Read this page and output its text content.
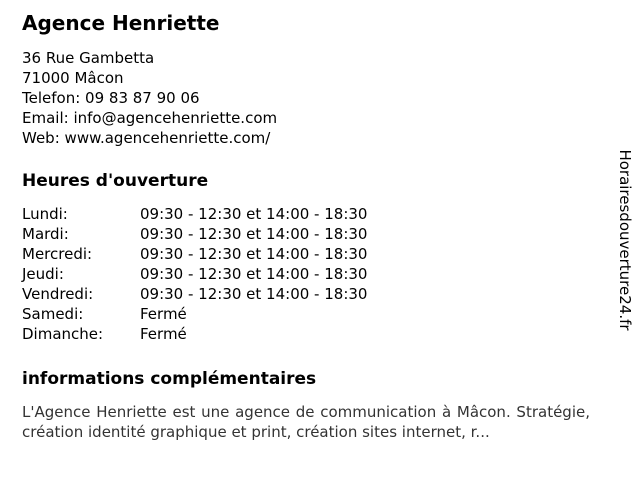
Agence Henriette
36 Rue Gambetta
71000 Mâcon
Telefon: 09 83 87 90 06
Email: info@agencehenriette.com
Web: www.agencehenriette.com/
Heures d'ouverture
Lundi:	09:30 - 12:30 et 14:00 - 18:30
Mardi:	09:30 - 12:30 et 14:00 - 18:30
Mercredi:	09:30 - 12:30 et 14:00 - 18:30
Jeudi:	09:30 - 12:30 et 14:00 - 18:30
Vendredi:	09:30 - 12:30 et 14:00 - 18:30
Samedi:	Fermé
Dimanche:	Fermé
informations complémentaires

L'Agence Henriette est une agence de communication à Mâcon. Stratégie, création identité graphique et print, création sites internet, r...

Horairesdouverture24.fr
